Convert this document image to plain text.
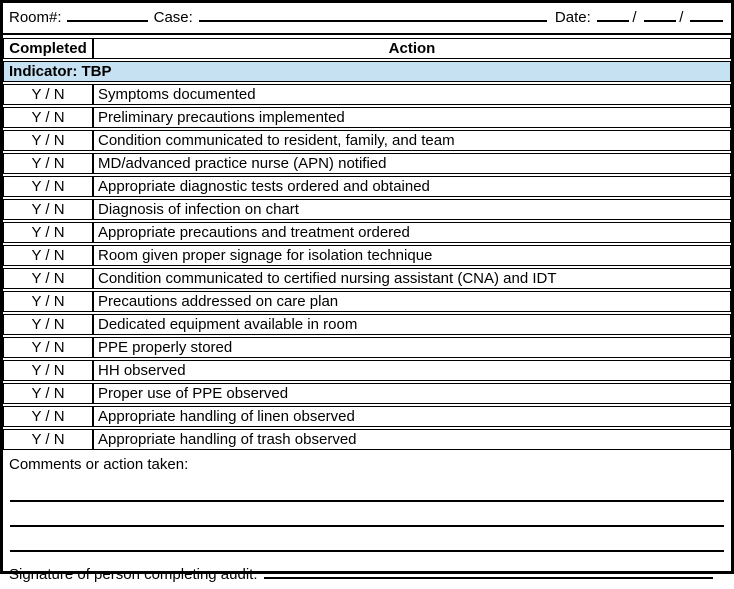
Room#:	Case:	Date:	/	/
Completed	Action
Indicator: TBP	
Y / N	Symptoms documented
Y / N	Preliminary precautions implemented
Y / N	Condition communicated to resident, family, and team
Y / N	MD/advanced practice nurse (APN) notified
Y / N	Appropriate diagnostic tests ordered and obtained
Y / N	Diagnosis of infection on chart
Y / N	Appropriate precautions and treatment ordered
Y / N	Room given proper signage for isolation technique
Y / N	Condition communicated to certified nursing assistant (CNA) and IDT
Y / N	Precautions addressed on care plan
Y / N	Dedicated equipment available in room
Y / N	PPE properly stored
Y / N	HH observed
Y / N	Proper use of PPE observed
Y / N	Appropriate handling of linen observed
Y / N	Appropriate handling of trash observed
Comments or action taken:
Signature of person completing audit:
